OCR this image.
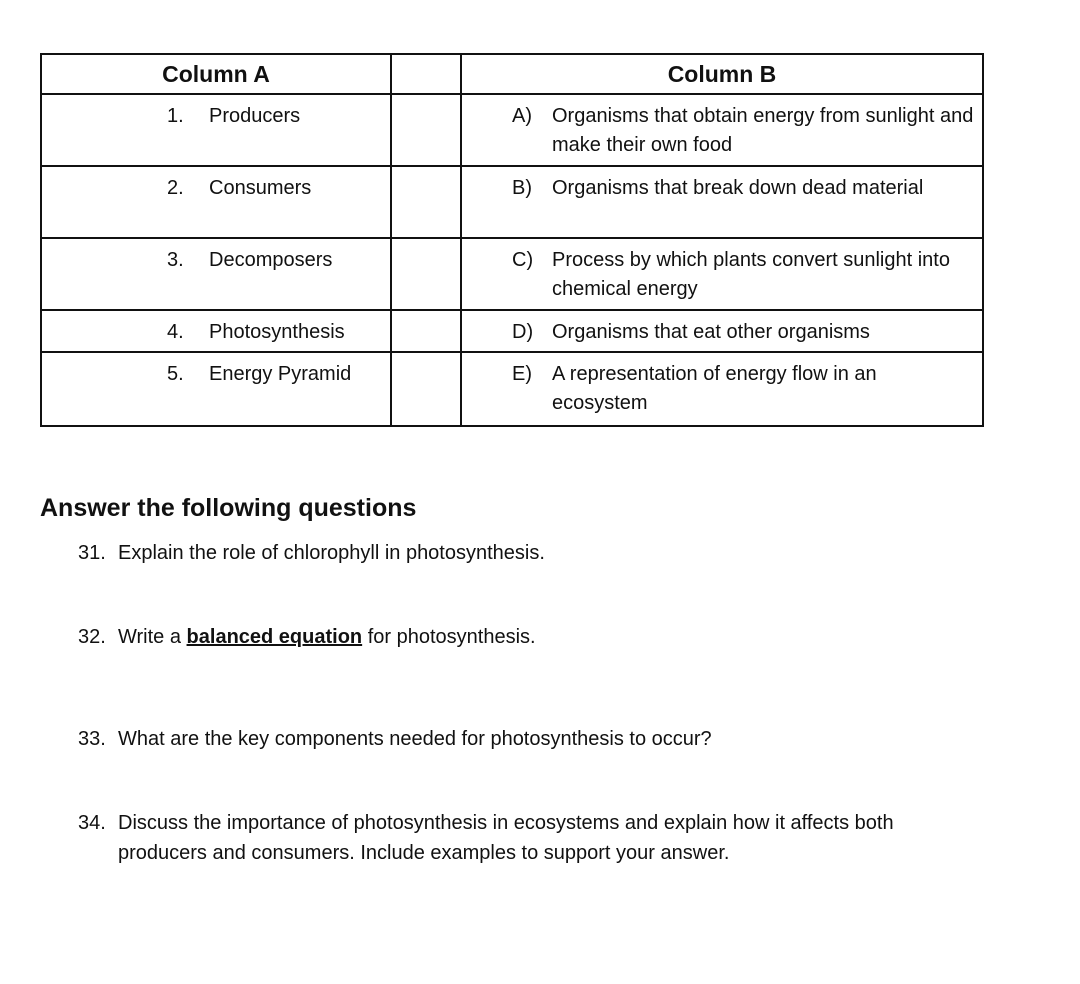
Column A		Column B

1. Producers		A) Organisms that obtain energy from sunlight and make their own food

2. Consumers		B) Organisms that break down dead material

3. Decomposers		C) Process by which plants convert sunlight into chemical energy

4. Photosynthesis		D) Organisms that eat other organisms

5. Energy Pyramid		E) A representation of energy flow in an ecosystem
Answer the following questions
31. Explain the role of chlorophyll in photosynthesis.
32. Write a balanced equation for photosynthesis.
33. What are the key components needed for photosynthesis to occur?
34. Discuss the importance of photosynthesis in ecosystems and explain how it affects both producers and consumers. Include examples to support your answer.
